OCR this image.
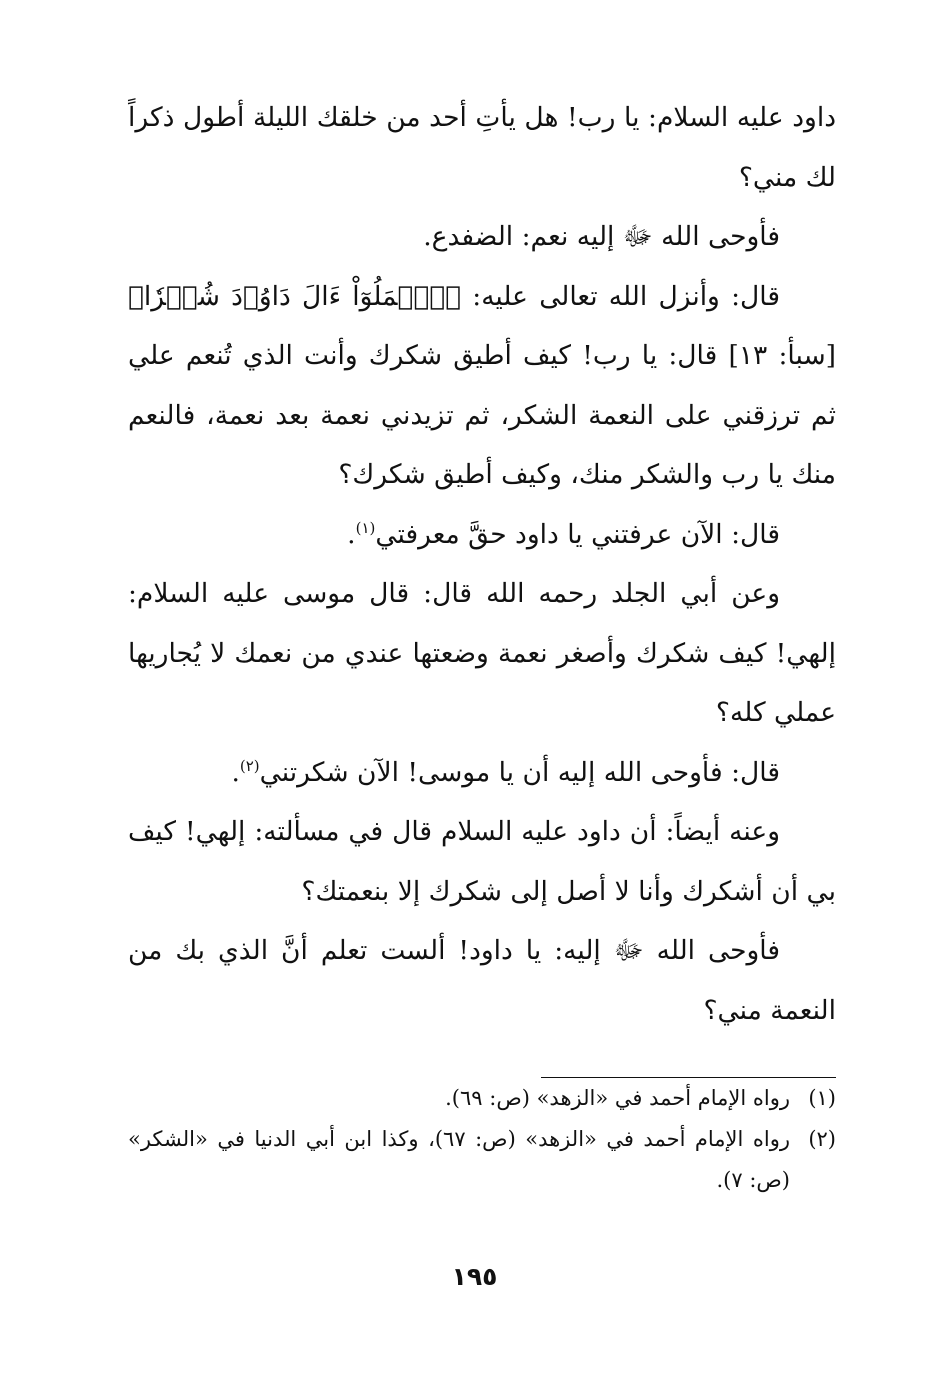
داود عليه السلام: يا رب! هل يأتِ أحد من خلقك الليلة أطول ذكراً لك مني؟

فأوحى الله ﷻ إليه نعم: الضفدع.

قال: وأنزل الله تعالى عليه: ﴿ٱعۡمَلُوٓاْ ءَالَ دَاوُۥدَ شُكۡرٗا﴾[سبأ: ١٣] قال: يا رب! كيف أطيق شكرك وأنت الذي تُنعم علي ثم ترزقني على النعمة الشكر، ثم تزيدني نعمة بعد نعمة، فالنعم منك يا رب والشكر منك، وكيف أطيق شكرك؟

قال: الآن عرفتني يا داود حقَّ معرفتي$^{(١)}$.

وعن أبي الجلد رحمه الله قال: قال موسى عليه السلام: إلهي! كيف شكرك وأصغر نعمة وضعتها عندي من نعمك لا يُجاريها عملي كله؟

قال: فأوحى الله إليه أن يا موسى! الآن شكرتني$^{(٢)}$.

وعنه أيضاً: أن داود عليه السلام قال في مسألته: إلهي! كيف بي أن أشكرك وأنا لا أصل إلى شكرك إلا بنعمتك؟

فأوحى الله ﷻ إليه: يا داود! ألست تعلم أنَّ الذي بك من النعمة مني؟

(١)
رواه الإمام أحمد في «الزهد» (ص: ٦٩).
(٢)
رواه الإمام أحمد في «الزهد» (ص: ٦٧)، وكذا ابن أبي الدنيا في «الشكر» (ص: ٧).
١٩٥
